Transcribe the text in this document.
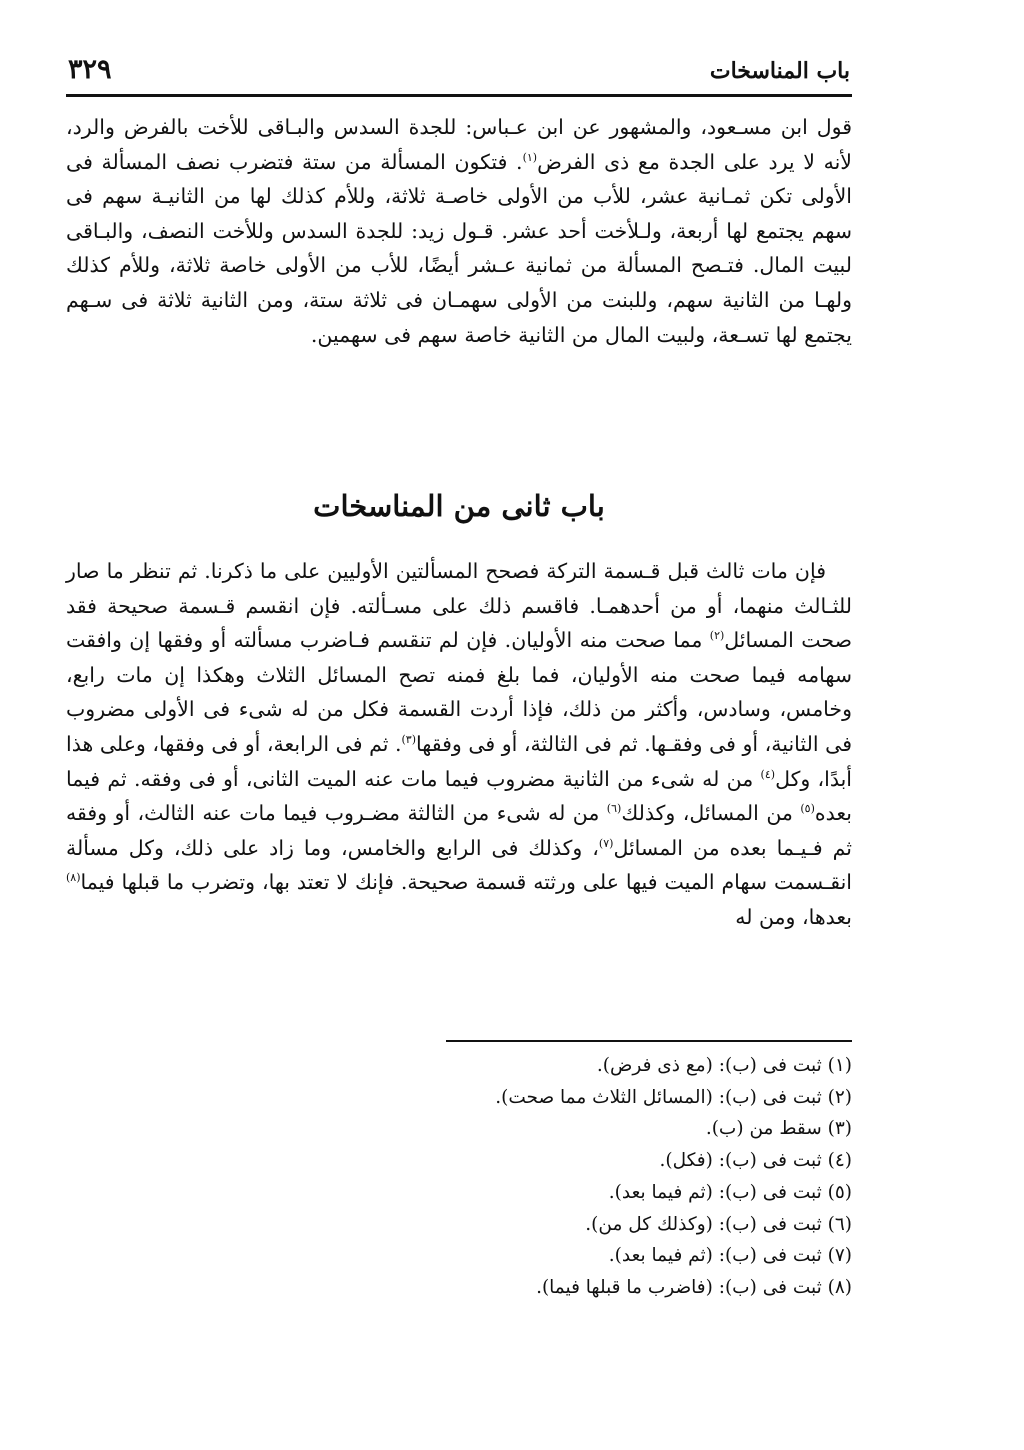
باب المناسخات
٣٢٩

قول ابن مسـعود، والمشهور عن ابن عـباس: للجدة السدس والبـاقى للأخت بالفرض والرد، لأنه لا يرد على الجدة مع ذى الفرض$^{(١)}$. فتكون المسألة من ستة فتضرب نصف المسألة فى الأولى تكن ثمـانية عشر، للأب من الأولى خاصـة ثلاثة، وللأم كذلك لها من الثانيـة سهم فى سهم يجتمع لها أربعة، ولـلأخت أحد عشر. قـول زيد: للجدة السدس وللأخت النصف، والبـاقى لبيت المال. فتـصح المسألة من ثمانية عـشر أيضًا، للأب من الأولى خاصة ثلاثة، وللأم كذلك ولهـا من الثانية سهم، وللبنت من الأولى سهمـان فى ثلاثة ستة، ومن الثانية ثلاثة فى سـهم يجتمع لها تسـعة، ولبيت المال من الثانية خاصة سهم فى سهمين.

باب ثانى من المناسخات

فإن مات ثالث قبل قـسمة التركة فصحح المسألتين الأوليين على ما ذكرنا. ثم تنظر ما صار للثـالث منهما، أو من أحدهمـا. فاقسم ذلك على مسـألته. فإن انقسم قـسمة صحيحة فقد صحت المسائل$^{(٢)}$ مما صحت منه الأوليان. فإن لم تنقسم فـاضرب مسألته أو وفقها إن وافقت سهامه فيما صحت منه الأوليان، فما بلغ فمنه تصح المسائل الثلاث وهكذا إن مات رابع، وخامس، وسادس، وأكثر من ذلك، فإذا أردت القسمة فكل من له شىء فى الأولى مضروب فى الثانية، أو فى وفقـها. ثم فى الثالثة، أو فى وفقها$^{(٣)}$. ثم فى الرابعة، أو فى وفقها، وعلى هذا أبدًا، وكل$^{(٤)}$ من له شىء من الثانية مضروب فيما مات عنه الميت الثانى، أو فى وفقه. ثم فيما بعده$^{(٥)}$ من المسائل، وكذلك$^{(٦)}$ من له شىء من الثالثة مضـروب فيما مات عنه الثالث، أو وفقه ثم فـيـما بعده من المسائل$^{(٧)}$، وكذلك فى الرابع والخامس، وما زاد على ذلك، وكل مسألة انقـسمت سهام الميت فيها على ورثته قسمة صحيحة. فإنك لا تعتد بها، وتضرب ما قبلها فيما$^{(٨)}$ بعدها، ومن له

(١) ثبت فى (ب): (مع ذى فرض).
(٢) ثبت فى (ب): (المسائل الثلاث مما صحت).
(٣) سقط من (ب).
(٤) ثبت فى (ب): (فكل).
(٥) ثبت فى (ب): (ثم فيما بعد).
(٦) ثبت فى (ب): (وكذلك كل من).
(٧) ثبت فى (ب): (ثم فيما بعد).
(٨) ثبت فى (ب): (فاضرب ما قبلها فيما).
